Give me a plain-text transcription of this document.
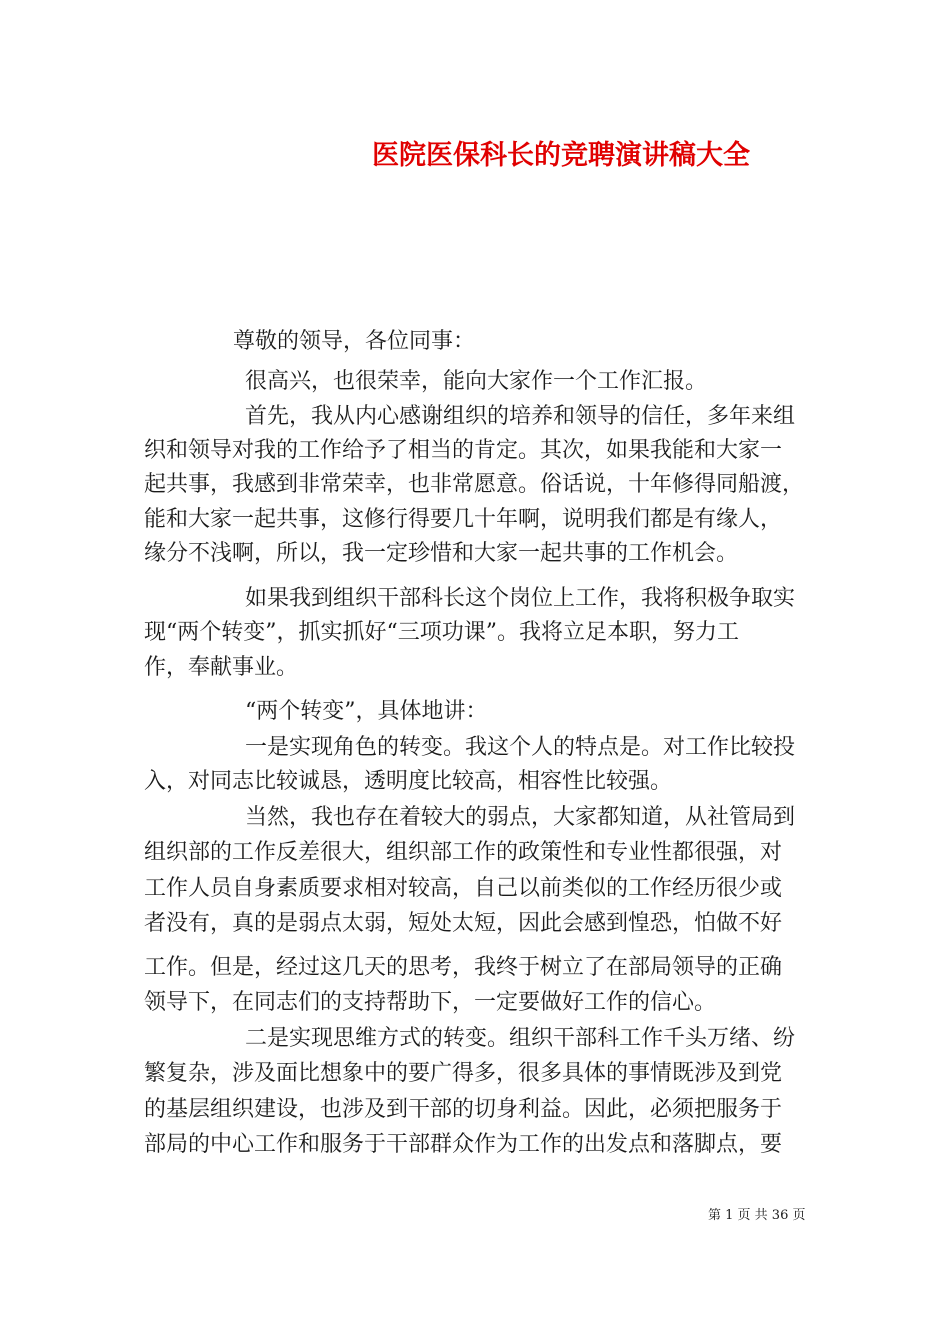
医院医保科长的竞聘演讲稿大全

尊敬的领导，各位同事：

很高兴，也很荣幸，能向大家作一个工作汇报。

首先，我从内心感谢组织的培养和领导的信任，多年来组

织和领导对我的工作给予了相当的肯定。其次，如果我能和大家一

起共事，我感到非常荣幸，也非常愿意。俗话说，十年修得同船渡，

能和大家一起共事，这修行得要几十年啊，说明我们都是有缘人，

缘分不浅啊，所以，我一定珍惜和大家一起共事的工作机会。

如果我到组织干部科长这个岗位上工作，我将积极争取实

现“两个转变”，抓实抓好“三项功课”。我将立足本职，努力工

作，奉献事业。

“两个转变”，具体地讲：

一是实现角色的转变。我这个人的特点是。对工作比较投

入，对同志比较诚恳，透明度比较高，相容性比较强。

当然，我也存在着较大的弱点，大家都知道，从社管局到

组织部的工作反差很大，组织部工作的政策性和专业性都很强，对

工作人员自身素质要求相对较高，自己以前类似的工作经历很少或

者没有，真的是弱点太弱，短处太短，因此会感到惶恐，怕做不好

工作。但是，经过这几天的思考，我终于树立了在部局领导的正确

领导下，在同志们的支持帮助下，一定要做好工作的信心。

二是实现思维方式的转变。组织干部科工作千头万绪、纷

繁复杂，涉及面比想象中的要广得多，很多具体的事情既涉及到党

的基层组织建设，也涉及到干部的切身利益。因此，必须把服务于

部局的中心工作和服务于干部群众作为工作的出发点和落脚点，要

第 1 页 共 36 页
